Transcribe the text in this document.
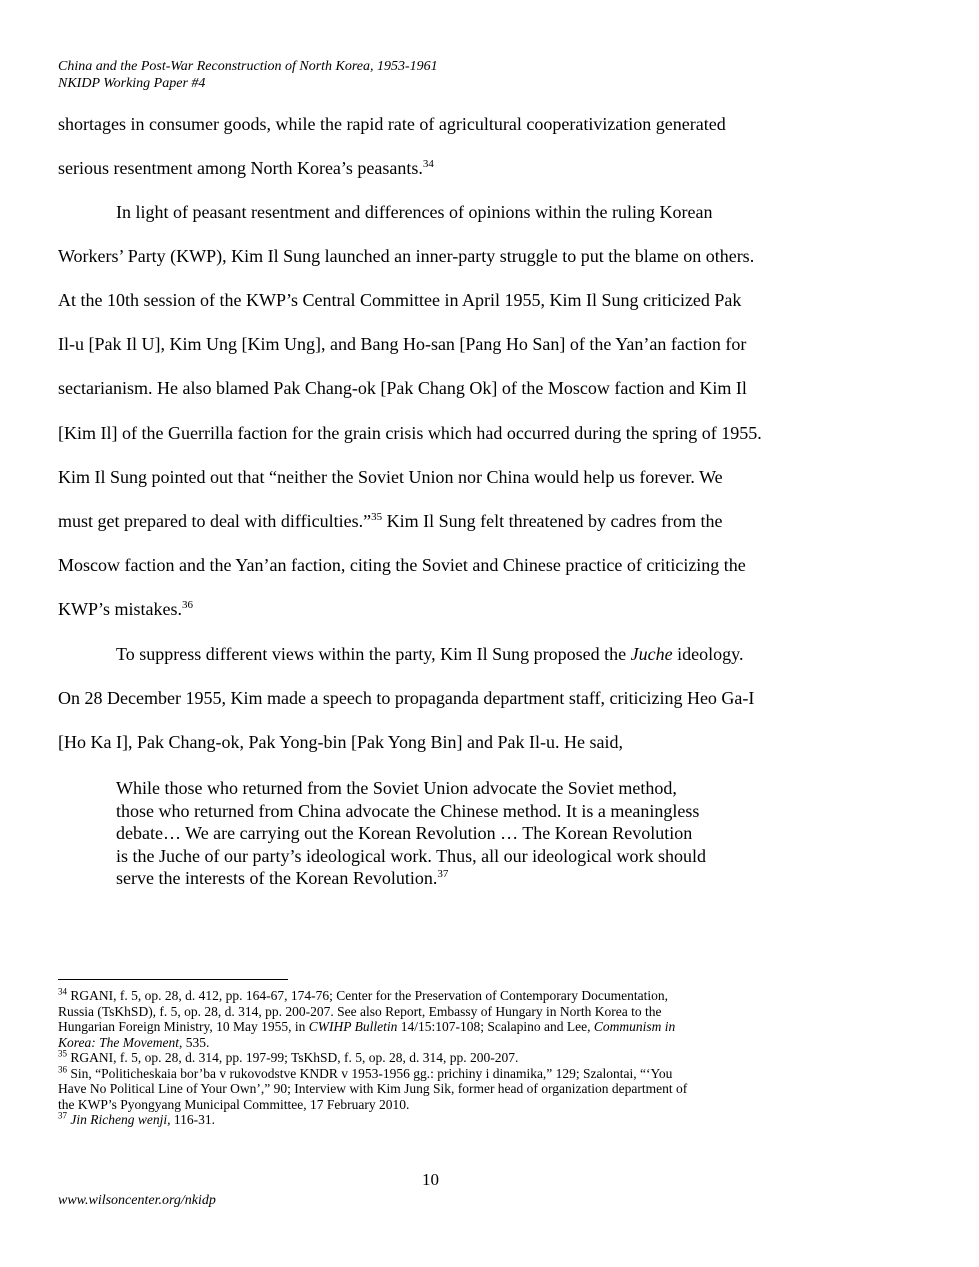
China and the Post-War Reconstruction of North Korea, 1953-1961
NKIDP Working Paper #4
shortages in consumer goods, while the rapid rate of agricultural cooperativization generated
serious resentment among North Korea’s peasants.$^{34}$
In light of peasant resentment and differences of opinions within the ruling Korean
Workers’ Party (KWP), Kim Il Sung launched an inner-party struggle to put the blame on others.
At the 10th session of the KWP’s Central Committee in April 1955, Kim Il Sung criticized Pak
Il-u [Pak Il U], Kim Ung [Kim Ung], and Bang Ho-san [Pang Ho San] of the Yan’an faction for
sectarianism. He also blamed Pak Chang-ok [Pak Chang Ok] of the Moscow faction and Kim Il
[Kim Il] of the Guerrilla faction for the grain crisis which had occurred during the spring of 1955.
Kim Il Sung pointed out that “neither the Soviet Union nor China would help us forever. We
must get prepared to deal with difficulties.”$^{35}$ Kim Il Sung felt threatened by cadres from the
Moscow faction and the Yan’an faction, citing the Soviet and Chinese practice of criticizing the
KWP’s mistakes.$^{36}$
To suppress different views within the party, Kim Il Sung proposed the Juche ideology.
On 28 December 1955, Kim made a speech to propaganda department staff, criticizing Heo Ga-I
[Ho Ka I], Pak Chang-ok, Pak Yong-bin [Pak Yong Bin] and Pak Il-u. He said,
While those who returned from the Soviet Union advocate the Soviet method,
those who returned from China advocate the Chinese method. It is a meaningless
debate… We are carrying out the Korean Revolution … The Korean Revolution
is the Juche of our party’s ideological work. Thus, all our ideological work should
serve the interests of the Korean Revolution.$^{37}$
$^{34}$ RGANI, f. 5, op. 28, d. 412, pp. 164-67, 174-76; Center for the Preservation of Contemporary Documentation,
Russia (TsKhSD), f. 5, op. 28, d. 314, pp. 200-207. See also Report, Embassy of Hungary in North Korea to the
Hungarian Foreign Ministry, 10 May 1955, in CWIHP Bulletin 14/15:107-108; Scalapino and Lee, Communism in
Korea: The Movement, 535.
$^{35}$ RGANI, f. 5, op. 28, d. 314, pp. 197-99; TsKhSD, f. 5, op. 28, d. 314, pp. 200-207.
$^{36}$ Sin, “Politicheskaia bor’ba v rukovodstve KNDR v 1953-1956 gg.: prichiny i dinamika,” 129; Szalontai, “‘You
Have No Political Line of Your Own’,” 90; Interview with Kim Jung Sik, former head of organization department of
the KWP’s Pyongyang Municipal Committee, 17 February 2010.
$^{37}$ Jin Richeng wenji, 116-31.
10
www.wilsoncenter.org/nkidp
